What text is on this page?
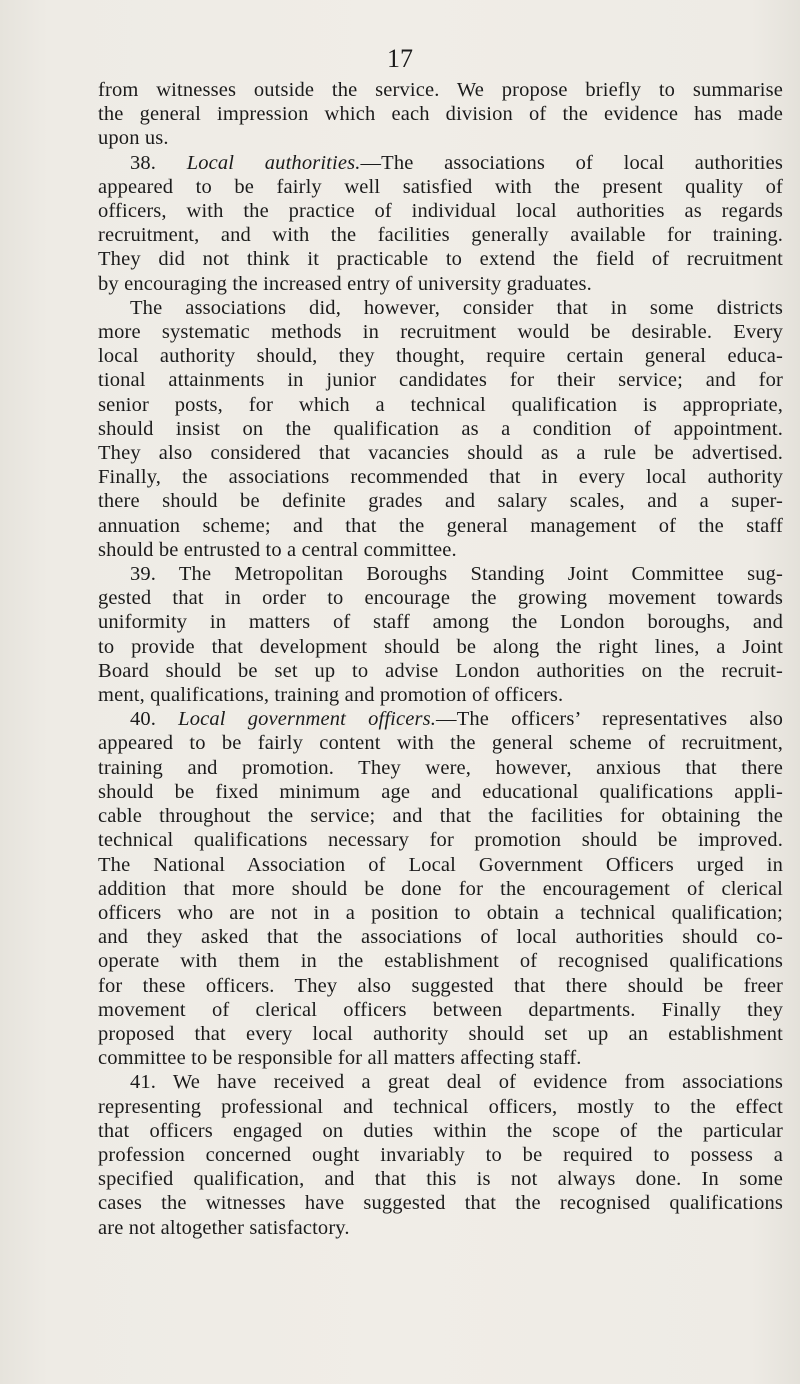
17

from witnesses outside the service. We propose briefly to summarise
the general impression which each division of the evidence has made
upon us.

38. Local authorities.—The associations of local authorities
appeared to be fairly well satisfied with the present quality of
officers, with the practice of individual local authorities as regards
recruitment, and with the facilities generally available for training.
They did not think it practicable to extend the field of recruitment
by encouraging the increased entry of university graduates.

The associations did, however, consider that in some districts
more systematic methods in recruitment would be desirable. Every
local authority should, they thought, require certain general educa-
tional attainments in junior candidates for their service; and for
senior posts, for which a technical qualification is appropriate,
should insist on the qualification as a condition of appointment.
They also considered that vacancies should as a rule be advertised.
Finally, the associations recommended that in every local authority
there should be definite grades and salary scales, and a super-
annuation scheme; and that the general management of the staff
should be entrusted to a central committee.

39. The Metropolitan Boroughs Standing Joint Committee sug-
gested that in order to encourage the growing movement towards
uniformity in matters of staff among the London boroughs, and
to provide that development should be along the right lines, a Joint
Board should be set up to advise London authorities on the recruit-
ment, qualifications, training and promotion of officers.

40. Local government officers.—The officers’ representatives also
appeared to be fairly content with the general scheme of recruitment,
training and promotion. They were, however, anxious that there
should be fixed minimum age and educational qualifications appli-
cable throughout the service; and that the facilities for obtaining the
technical qualifications necessary for promotion should be improved.
The National Association of Local Government Officers urged in
addition that more should be done for the encouragement of clerical
officers who are not in a position to obtain a technical qualification;
and they asked that the associations of local authorities should co-
operate with them in the establishment of recognised qualifications
for these officers. They also suggested that there should be freer
movement of clerical officers between departments. Finally they
proposed that every local authority should set up an establishment
committee to be responsible for all matters affecting staff.

41. We have received a great deal of evidence from associations
representing professional and technical officers, mostly to the effect
that officers engaged on duties within the scope of the particular
profession concerned ought invariably to be required to possess a
specified qualification, and that this is not always done. In some
cases the witnesses have suggested that the recognised qualifications
are not altogether satisfactory.
